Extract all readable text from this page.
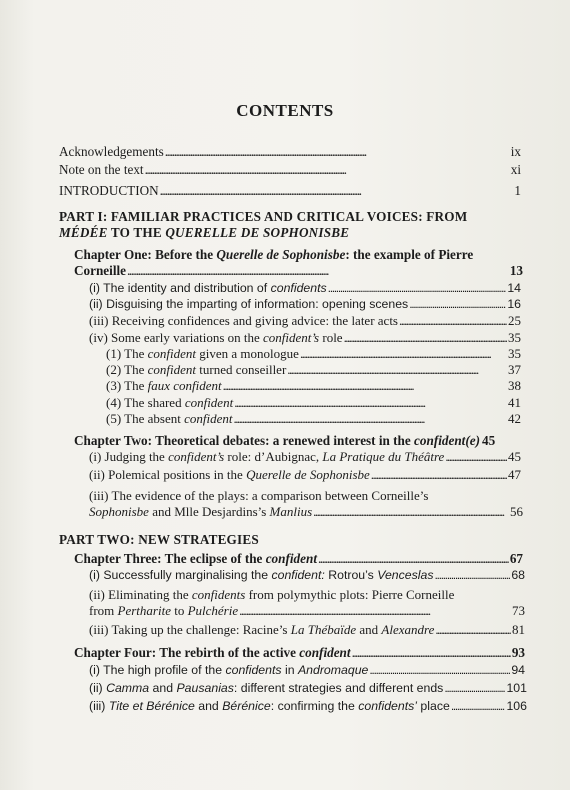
CONTENTS
Acknowledgements . . .	ix
Note on the text . . .	xi
INTRODUCTION . . .	1
PART I: FAMILIAR PRACTICES AND CRITICAL VOICES: FROM
MÉDÉE TO THE QUERELLE DE SOPHONISBE
Chapter One: Before the Querelle de Sophonisbe: the example of Pierre
Corneille . . .	13
(i) The identity and distribution of confidents . . .	14
(ii) Disguising the imparting of information: opening scenes . . .	16
(iii) Receiving confidences and giving advice: the later acts . . .	25
(iv) Some early variations on the confident’s role . . .	35
(1) The confident given a monologue . . .	35
(2) The confident turned conseiller . . .	37
(3) The faux confident . . .	38
(4) The shared confident . . .	41
(5) The absent confident . . .	42
Chapter Two: Theoretical debates: a renewed interest in the confident(e) 45
(i) Judging the confident’s role: d’Aubignac, La Pratique du Théâtre . . .	45
(ii) Polemical positions in the Querelle de Sophonisbe . . .	47
(iii) The evidence of the plays: a comparison between Corneille’s
Sophonisbe and Mlle Desjardins’s Manlius . . .	56
PART TWO: NEW STRATEGIES
Chapter Three: The eclipse of the confident . . .	67
(i) Successfully marginalising the confident: Rotrou’s Venceslas . . .	68
(ii) Eliminating the confidents from polymythic plots: Pierre Corneille
from Pertharite to Pulchérie . . .	73
(iii) Taking up the challenge: Racine’s La Thébaïde and Alexandre . . .	81
Chapter Four: The rebirth of the active confident . . .	93
(i) The high profile of the confidents in Andromaque . . .	94
(ii) Camma and Pausanias: different strategies and different ends . . .	101
(iii) Tite et Bérénice and Bérénice: confirming the confidents’ place . . .	106
